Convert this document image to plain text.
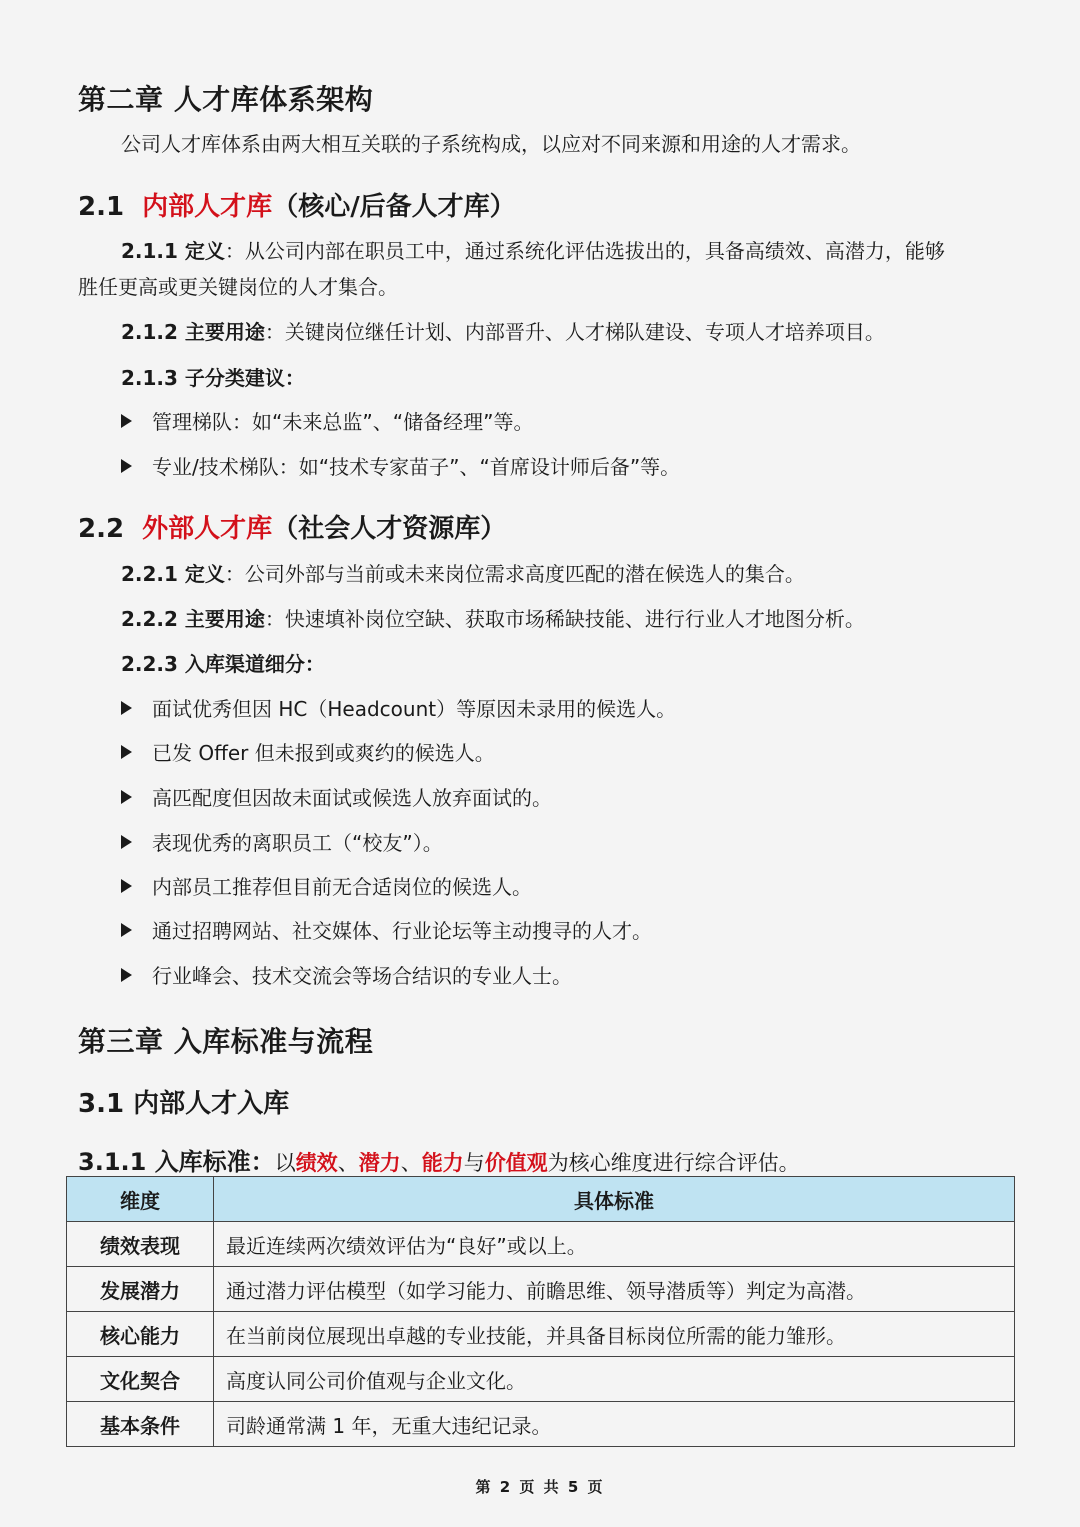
第二章 人才库体系架构
公司人才库体系由两大相互关联的子系统构成，以应对不同来源和用途的人才需求。
2.1 内部人才库（核心/后备人才库）
2.1.1 定义：从公司内部在职员工中，通过系统化评估选拔出的，具备高绩效、高潜力，能够
胜任更高或更关键岗位的人才集合。
2.1.2 主要用途：关键岗位继任计划、内部晋升、人才梯队建设、专项人才培养项目。
2.1.3 子分类建议：
管理梯队：如“未来总监”、“储备经理”等。
专业/技术梯队：如“技术专家苗子”、“首席设计师后备”等。
2.2 外部人才库（社会人才资源库）
2.2.1 定义：公司外部与当前或未来岗位需求高度匹配的潜在候选人的集合。
2.2.2 主要用途：快速填补岗位空缺、获取市场稀缺技能、进行行业人才地图分析。
2.2.3 入库渠道细分：
面试优秀但因 HC（Headcount）等原因未录用的候选人。
已发 Offer 但未报到或爽约的候选人。
高匹配度但因故未面试或候选人放弃面试的。
表现优秀的离职员工（“校友”）。
内部员工推荐但目前无合适岗位的候选人。
通过招聘网站、社交媒体、行业论坛等主动搜寻的人才。
行业峰会、技术交流会等场合结识的专业人士。
第三章 入库标准与流程
3.1 内部人才入库
3.1.1 入库标准：以绩效、潜力、能力与价值观为核心维度进行综合评估。
维度	具体标准
绩效表现	最近连续两次绩效评估为“良好”或以上。
发展潜力	通过潜力评估模型（如学习能力、前瞻思维、领导潜质等）判定为高潜。
核心能力	在当前岗位展现出卓越的专业技能，并具备目标岗位所需的能力雏形。
文化契合	高度认同公司价值观与企业文化。
基本条件	司龄通常满 1 年，无重大违纪记录。
第 2 页 共 5 页
